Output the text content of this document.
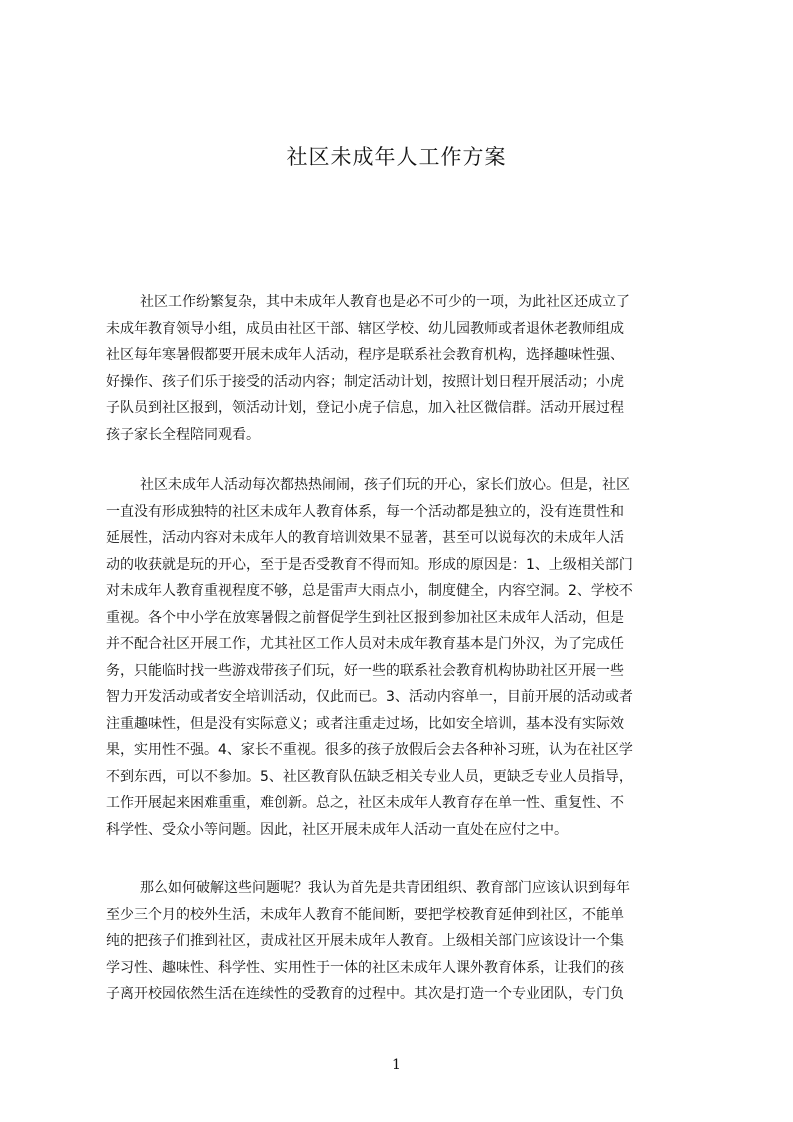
社区未成年人工作方案
社区工作纷繁复杂，其中未成年人教育也是必不可少的一项，为此社区还成立了
未成年教育领导小组，成员由社区干部、辖区学校、幼儿园教师或者退休老教师组成
社区每年寒暑假都要开展未成年人活动，程序是联系社会教育机构，选择趣味性强、
好操作、孩子们乐于接受的活动内容；制定活动计划，按照计划日程开展活动；小虎
子队员到社区报到，领活动计划，登记小虎子信息，加入社区微信群。活动开展过程
孩子家长全程陪同观看。
社区未成年人活动每次都热热闹闹，孩子们玩的开心，家长们放心。但是，社区
一直没有形成独特的社区未成年人教育体系，每一个活动都是独立的，没有连贯性和
延展性，活动内容对未成年人的教育培训效果不显著，甚至可以说每次的未成年人活
动的收获就是玩的开心，至于是否受教育不得而知。形成的原因是：1、上级相关部门
对未成年人教育重视程度不够，总是雷声大雨点小，制度健全，内容空洞。2、学校不
重视。各个中小学在放寒暑假之前督促学生到社区报到参加社区未成年人活动，但是
并不配合社区开展工作，尤其社区工作人员对未成年教育基本是门外汉，为了完成任
务，只能临时找一些游戏带孩子们玩，好一些的联系社会教育机构协助社区开展一些
智力开发活动或者安全培训活动，仅此而已。3、活动内容单一，目前开展的活动或者
注重趣味性，但是没有实际意义；或者注重走过场，比如安全培训，基本没有实际效
果，实用性不强。4、家长不重视。很多的孩子放假后会去各种补习班，认为在社区学
不到东西，可以不参加。5、社区教育队伍缺乏相关专业人员，更缺乏专业人员指导，
工作开展起来困难重重，难创新。总之，社区未成年人教育存在单一性、重复性、不
科学性、受众小等问题。因此，社区开展未成年人活动一直处在应付之中。
那么如何破解这些问题呢？我认为首先是共青团组织、教育部门应该认识到每年
至少三个月的校外生活，未成年人教育不能间断，要把学校教育延伸到社区，不能单
纯的把孩子们推到社区，责成社区开展未成年人教育。上级相关部门应该设计一个集
学习性、趣味性、科学性、实用性于一体的社区未成年人课外教育体系，让我们的孩
子离开校园依然生活在连续性的受教育的过程中。其次是打造一个专业团队，专门负
1
